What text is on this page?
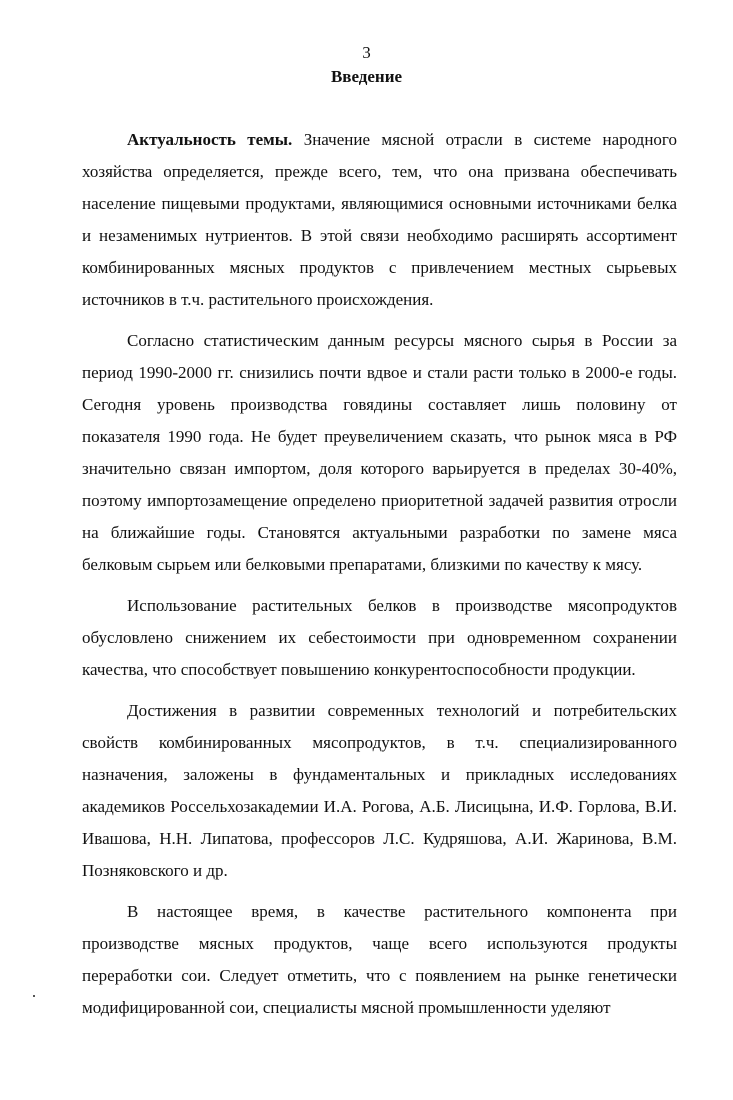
3
Введение

Актуальность темы. Значение мясной отрасли в системе народного хозяйства определяется, прежде всего, тем, что она призвана обеспечивать население пищевыми продуктами, являющимися основными источниками белка и незаменимых нутриентов. В этой связи необходимо расширять ассортимент комбинированных мясных продуктов с привлечением местных сырьевых источников в т.ч. растительного происхождения.

Согласно статистическим данным ресурсы мясного сырья в России за период 1990-2000 гг. снизились почти вдвое и стали расти только в 2000-е годы. Сегодня уровень производства говядины составляет лишь половину от показателя 1990 года. Не будет преувеличением сказать, что рынок мяса в РФ значительно связан импортом, доля которого варьируется в пределах 30-40%, поэтому импортозамещение определено приоритетной задачей развития отросли на ближайшие годы. Становятся актуальными разработки по замене мяса белковым сырьем или белковыми препаратами, близкими по качеству к мясу.

Использование растительных белков в производстве мясопродуктов обусловлено снижением их себестоимости при одновременном сохранении качества, что способствует повышению конкурентоспособности продукции.

Достижения в развитии современных технологий и потребительских свойств комбинированных мясопродуктов, в т.ч. специализированного назначения, заложены в фундаментальных и прикладных исследованиях академиков Россельхозакадемии И.А. Рогова, А.Б. Лисицына, И.Ф. Горлова, В.И. Ивашова, Н.Н. Липатова, профессоров Л.С. Кудряшова, А.И. Жаринова, В.М. Позняковского и др.

В настоящее время, в качестве растительного компонента при производстве мясных продуктов, чаще всего используются продукты переработки сои. Следует отметить, что с появлением на рынке генетически модифицированной сои, специалисты мясной промышленности уделяют
